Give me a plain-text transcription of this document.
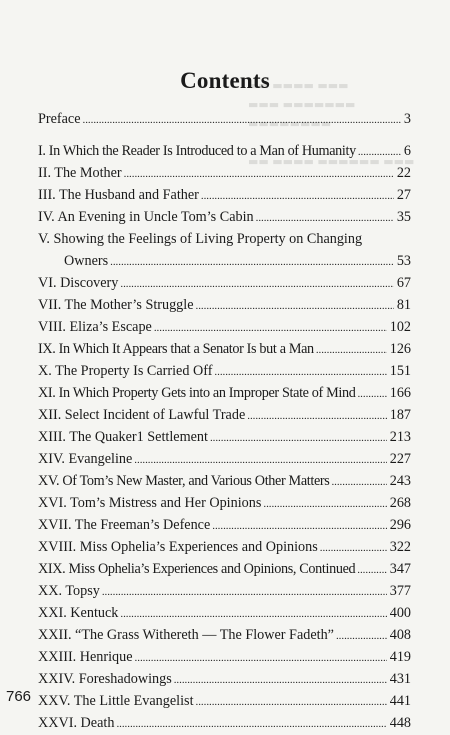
▬▬ ▬▬▬▬ ▬▬▬
▬▬▬ ▬▬▬▬▬▬▬ ▬▬▬▬▬▬▬▬

▬▬ ▬▬▬▬ ▬▬▬▬▬▬ ▬▬▬
Contents
Preface . . .	3
I. In Which the Reader Is Introduced to a Man of Humanity . . .	6
II. The Mother . . .	22
III. The Husband and Father . . .	27
IV. An Evening in Uncle Tom’s Cabin . . .	35
V. Showing the Feelings of Living Property on Changing
Owners . . .	53
VI. Discovery . . .	67
VII. The Mother’s Struggle . . .	81
VIII. Eliza’s Escape . . .	102
IX. In Which It Appears that a Senator Is but a Man . . .	126
X. The Property Is Carried Off . . .	151
XI. In Which Property Gets into an Improper State of Mind . . . 166
XII. Select Incident of Lawful Trade . . .	187
XIII. The Quaker1 Settlement . . .	213
XIV. Evangeline . . .	227
XV. Of Tom’s New Master, and Various Other Matters . . .	243
XVI. Tom’s Mistress and Her Opinions . . .	268
XVII. The Freeman’s Defence . . .	296
XVIII. Miss Ophelia’s Experiences and Opinions . . .	322
XIX. Miss Ophelia’s Experiences and Opinions, Continued . . . 347
XX. Topsy . . .	377
XXI. Kentuck . . .	400
XXII. “The Grass Withereth — The Flower Fadeth” . . .	408
XXIII. Henrique . . .	419
XXIV. Foreshadowings . . .	431
XXV. The Little Evangelist . . .	441
XXVI. Death . . .	448
766
